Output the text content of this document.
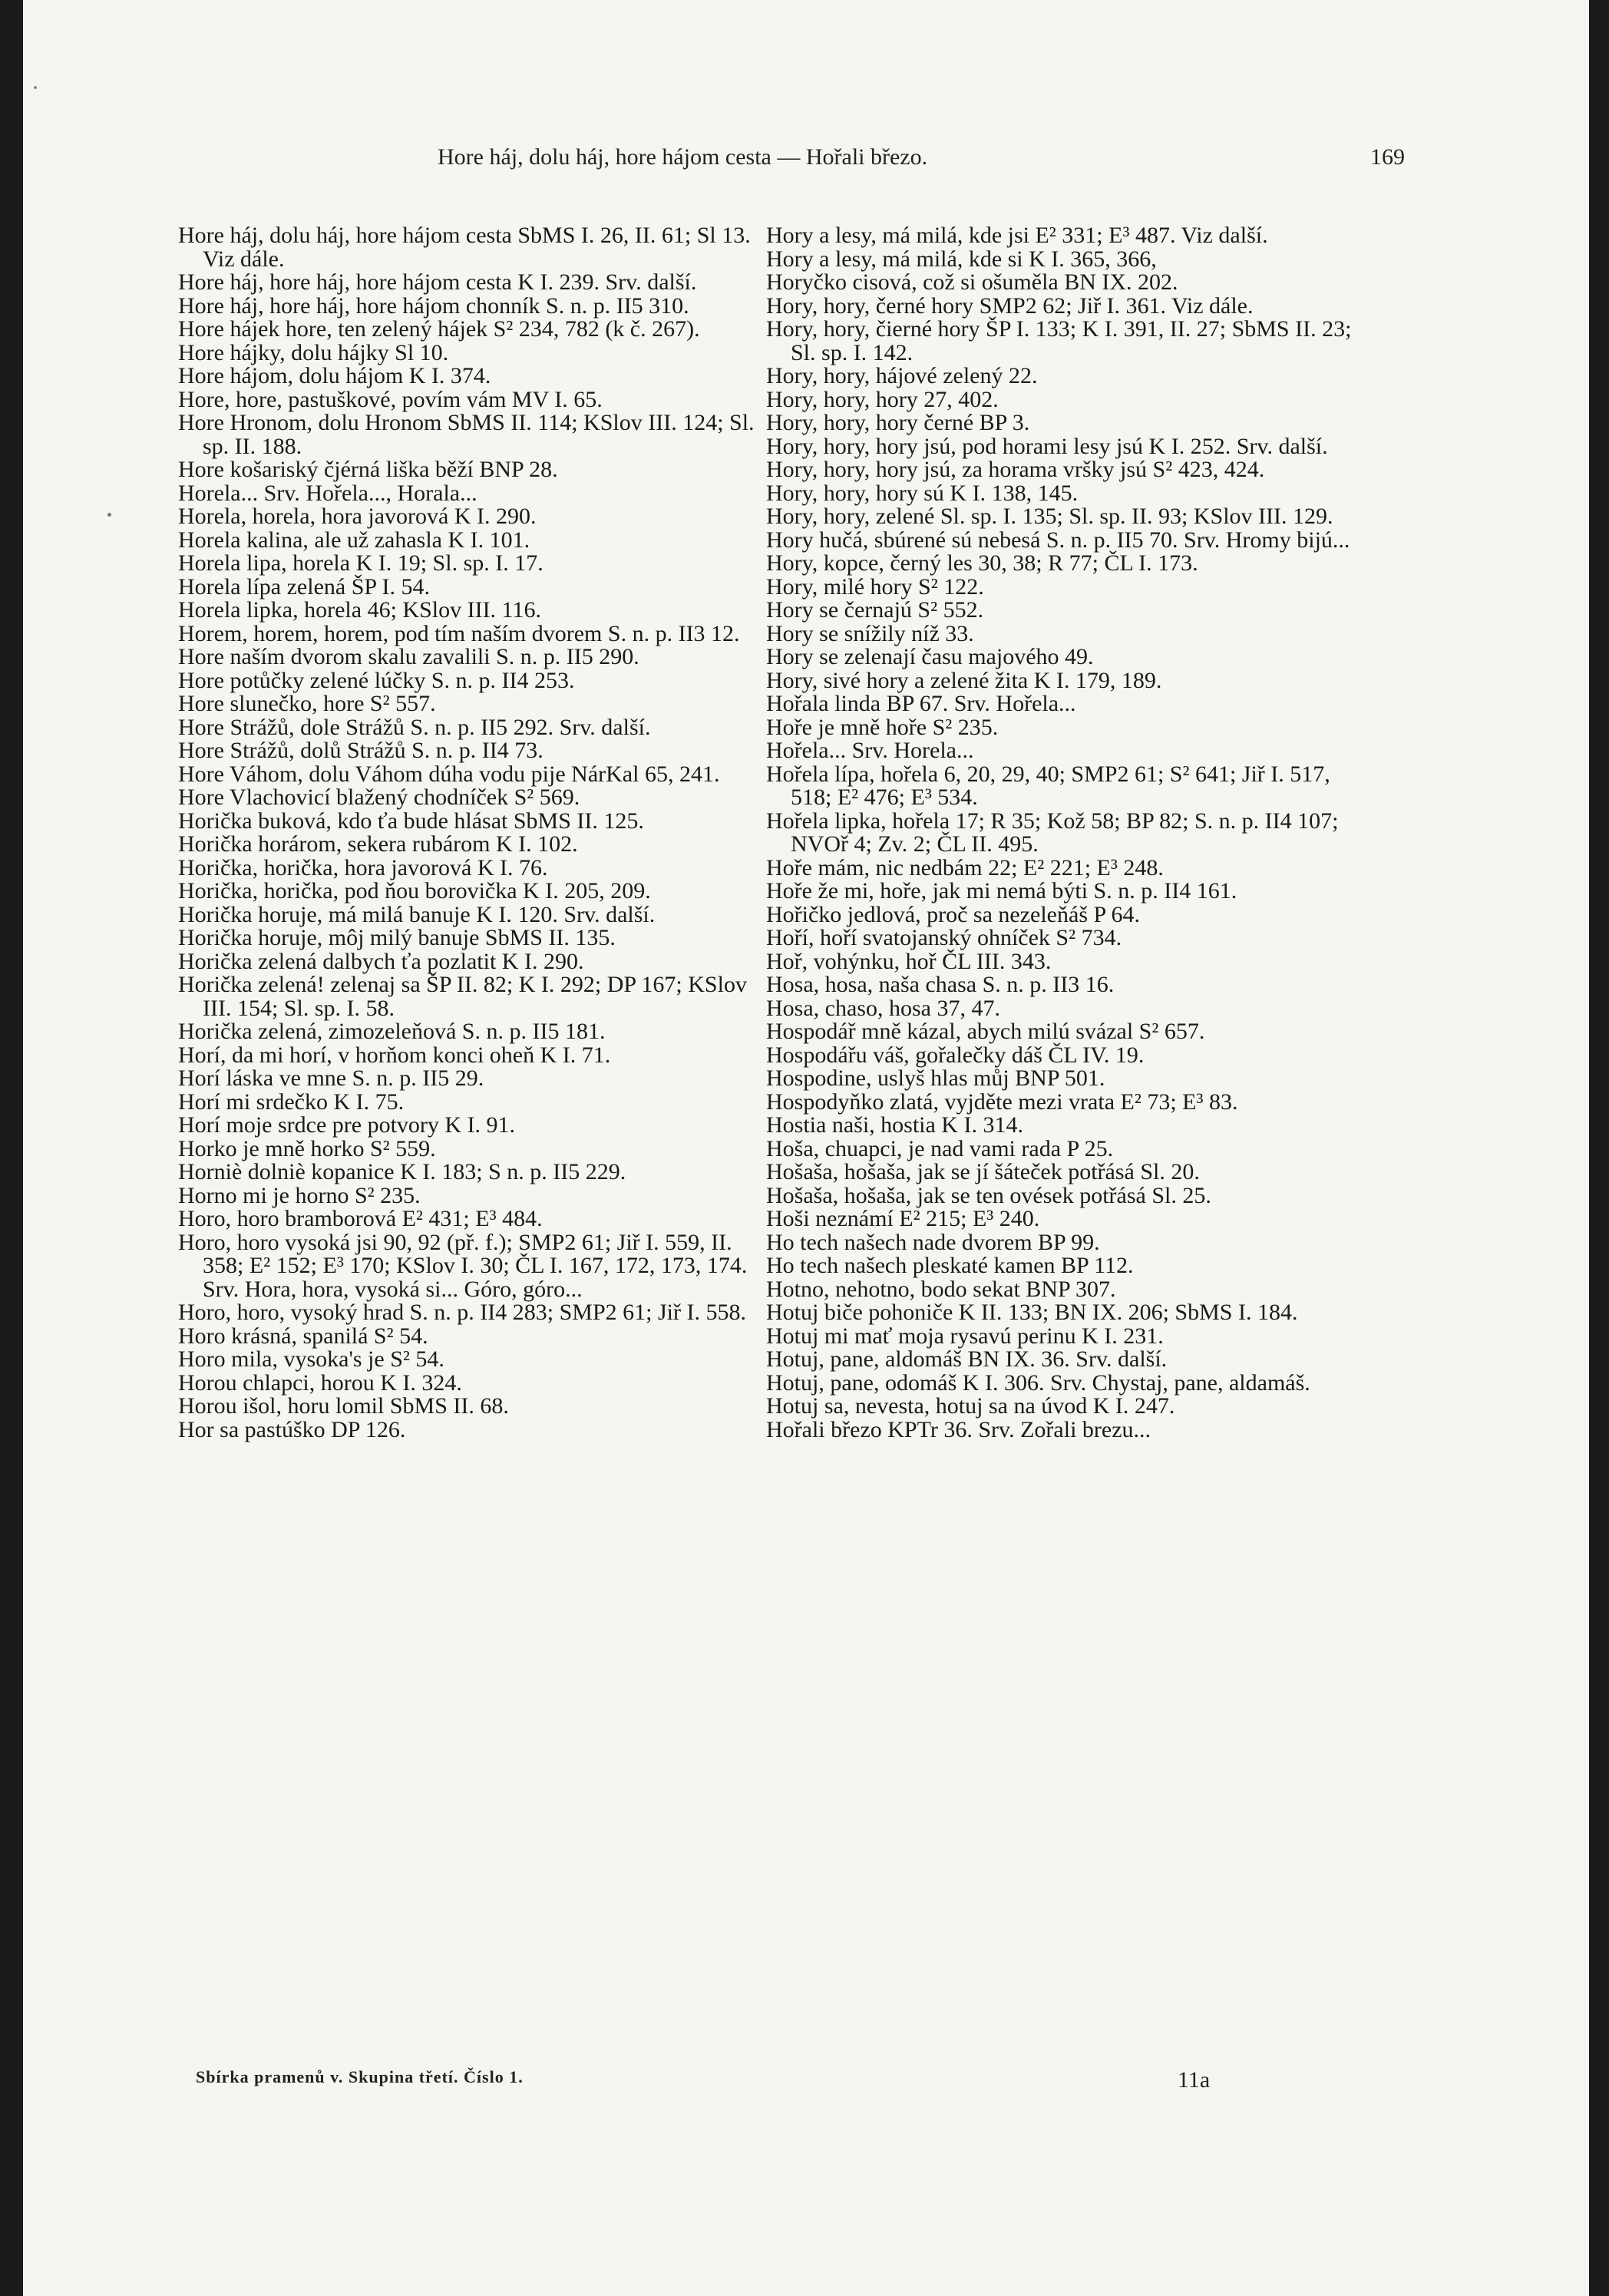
Hore háj, dolu háj, hore hájom cesta — Hořali březo.	169
Hore háj, dolu háj, hore hájom cesta SbMS I. 26, II. 61; Sl 13. Viz dále.
Hore háj, hore háj, hore hájom cesta K I. 239. Srv. další.
Hore háj, hore háj, hore hájom chonník S. n. p. II5 310.
Hore hájek hore, ten zelený hájek S² 234, 782 (k č. 267).
Hore hájky, dolu hájky Sl 10.
Hore hájom, dolu hájom K I. 374.
Hore, hore, pastuškové, povím vám MV I. 65.
Hore Hronom, dolu Hronom SbMS II. 114; KSlov III. 124; Sl. sp. II. 188.
Hore košariský čjérná liška běží BNP 28.
Horela... Srv. Hořela..., Horala...
Horela, horela, hora javorová K I. 290.
Horela kalina, ale už zahasla K I. 101.
Horela lipa, horela K I. 19; Sl. sp. I. 17.
Horela lípa zelená ŠP I. 54.
Horela lipka, horela 46; KSlov III. 116.
Horem, horem, horem, pod tím naším dvorem S. n. p. II3 12.
Hore naším dvorom skalu zavalili S. n. p. II5 290.
Hore potůčky zelené lúčky S. n. p. II4 253.
Hore slunečko, hore S² 557.
Hore Strážů, dole Strážů S. n. p. II5 292. Srv. další.
Hore Strážů, dolů Strážů S. n. p. II4 73.
Hore Váhom, dolu Váhom dúha vodu pije NárKal 65, 241.
Hore Vlachovicí blažený chodníček S² 569.
Horička buková, kdo ťa bude hlásat SbMS II. 125.
Horička horárom, sekera rubárom K I. 102.
Horička, horička, hora javorová K I. 76.
Horička, horička, pod ňou borovička K I. 205, 209.
Horička horuje, má milá banuje K I. 120. Srv. další.
Horička horuje, môj milý banuje SbMS II. 135.
Horička zelená dalbych ťa pozlatit K I. 290.
Horička zelená! zelenaj sa ŠP II. 82; K I. 292; DP 167; KSlov III. 154; Sl. sp. I. 58.
Horička zelená, zimozeleňová S. n. p. II5 181.
Horí, da mi horí, v horňom konci oheň K I. 71.
Horí láska ve mne S. n. p. II5 29.
Horí mi srdečko K I. 75.
Horí moje srdce pre potvory K I. 91.
Horko je mně horko S² 559.
Horniè dolniè kopanice K I. 183; S n. p. II5 229.
Horno mi je horno S² 235.
Horo, horo bramborová E² 431; E³ 484.
Horo, horo vysoká jsi 90, 92 (př. f.); SMP2 61; Jiř I. 559, II. 358; E² 152; E³ 170; KSlov I. 30; ČL I. 167, 172, 173, 174. Srv. Hora, hora, vysoká si... Góro, góro...
Horo, horo, vysoký hrad S. n. p. II4 283; SMP2 61; Jiř I. 558.
Horo krásná, spanilá S² 54.
Horo mila, vysoka's je S² 54.
Horou chlapci, horou K I. 324.
Horou išol, horu lomil SbMS II. 68.
Hor sa pastúško DP 126.
Hory a lesy, má milá, kde jsi E² 331; E³ 487. Viz další.
Hory a lesy, má milá, kde si K I. 365, 366,
Horyčko cisová, což si ošuměla BN IX. 202.
Hory, hory, černé hory SMP2 62; Jiř I. 361. Viz dále.
Hory, hory, čierné hory ŠP I. 133; K I. 391, II. 27; SbMS II. 23; Sl. sp. I. 142.
Hory, hory, hájové zelený 22.
Hory, hory, hory 27, 402.
Hory, hory, hory černé BP 3.
Hory, hory, hory jsú, pod horami lesy jsú K I. 252. Srv. další.
Hory, hory, hory jsú, za horama vršky jsú S² 423, 424.
Hory, hory, hory sú K I. 138, 145.
Hory, hory, zelené Sl. sp. I. 135; Sl. sp. II. 93; KSlov III. 129.
Hory hučá, sbúrené sú nebesá S. n. p. II5 70. Srv. Hromy bijú...
Hory, kopce, černý les 30, 38; R 77; ČL I. 173.
Hory, milé hory S² 122.
Hory se černajú S² 552.
Hory se snížily níž 33.
Hory se zelenají času majového 49.
Hory, sivé hory a zelené žita K I. 179, 189.
Hořala linda BP 67. Srv. Hořela...
Hoře je mně hoře S² 235.
Hořela... Srv. Horela...
Hořela lípa, hořela 6, 20, 29, 40; SMP2 61; S² 641; Jiř I. 517, 518; E² 476; E³ 534.
Hořela lipka, hořela 17; R 35; Kož 58; BP 82; S. n. p. II4 107; NVOř 4; Zv. 2; ČL II. 495.
Hoře mám, nic nedbám 22; E² 221; E³ 248.
Hoře že mi, hoře, jak mi nemá býti S. n. p. II4 161.
Hořičko jedlová, proč sa nezeleňáš P 64.
Hoří, hoří svatojanský ohníček S² 734.
Hoř, vohýnku, hoř ČL III. 343.
Hosa, hosa, naša chasa S. n. p. II3 16.
Hosa, chaso, hosa 37, 47.
Hospodář mně kázal, abych milú svázal S² 657.
Hospodářu váš, gořalečky dáš ČL IV. 19.
Hospodine, uslyš hlas můj BNP 501.
Hospodyňko zlatá, vyjděte mezi vrata E² 73; E³ 83.
Hostia naši, hostia K I. 314.
Hoša, chuapci, je nad vami rada P 25.
Hošaša, hošaša, jak se jí šáteček potřásá Sl. 20.
Hošaša, hošaša, jak se ten ovések potřásá Sl. 25.
Hoši neznámí E² 215; E³ 240.
Ho tech našech nade dvorem BP 99.
Ho tech našech pleskaté kamen BP 112.
Hotno, nehotno, bodo sekat BNP 307.
Hotuj biče pohoniče K II. 133; BN IX. 206; SbMS I. 184.
Hotuj mi mať moja rysavú perinu K I. 231.
Hotuj, pane, aldomáš BN IX. 36. Srv. další.
Hotuj, pane, odomáš K I. 306. Srv. Chystaj, pane, aldamáš.
Hotuj sa, nevesta, hotuj sa na úvod K I. 247.
Hořali březo KPTr 36. Srv. Zořali brezu...
Sbírka pramenů v. Skupina třetí. Číslo 1.	11a
